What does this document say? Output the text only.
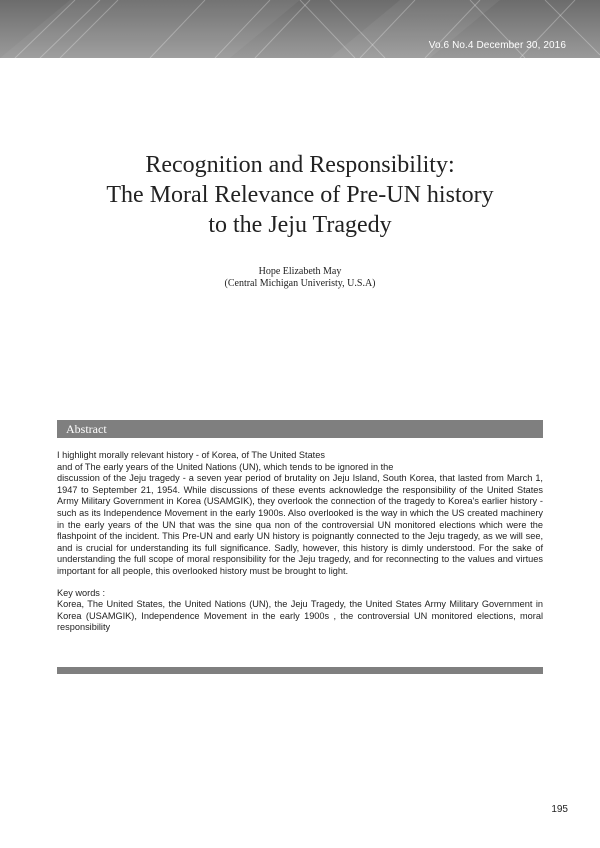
Vo.6 No.4 December 30, 2016
Recognition and Responsibility:
The Moral Relevance of Pre-UN history
to the Jeju Tragedy
Hope Elizabeth May
(Central Michigan Univeristy, U.S.A)
Abstract

I highlight morally relevant history - of Korea, of The United States

and of The early years of the United Nations (UN), which tends to be ignored in the

discussion of the Jeju tragedy - a seven year period of brutality on Jeju Island, South Korea, that lasted from March 1, 1947 to September 21, 1954. While discussions of these events acknowledge the responsibility of the United States Army Military Government in Korea (USAMGIK), they overlook the connection of the tragedy to Korea's earlier history - such as its Independence Movement in the early 1900s. Also overlooked is the way in which the US created machinery in the early years of the UN that was the sine qua non of the controversial UN monitored elections which were the flashpoint of the incident. This Pre-UN and early UN history is poignantly connected to the Jeju tragedy, as we will see, and is crucial for understanding its full significance. Sadly, however, this history is dimly understood. For the sake of understanding the full scope of moral responsibility for the Jeju tragedy, and for reconnecting to the values and virtues important for all people, this overlooked history must be brought to light.

Key words :

Korea, The United States, the United Nations (UN), the Jeju Tragedy, the United States Army Military Government in Korea (USAMGIK), Independence Movement in the early 1900s , the controversial UN monitored elections, moral responsibility

195
